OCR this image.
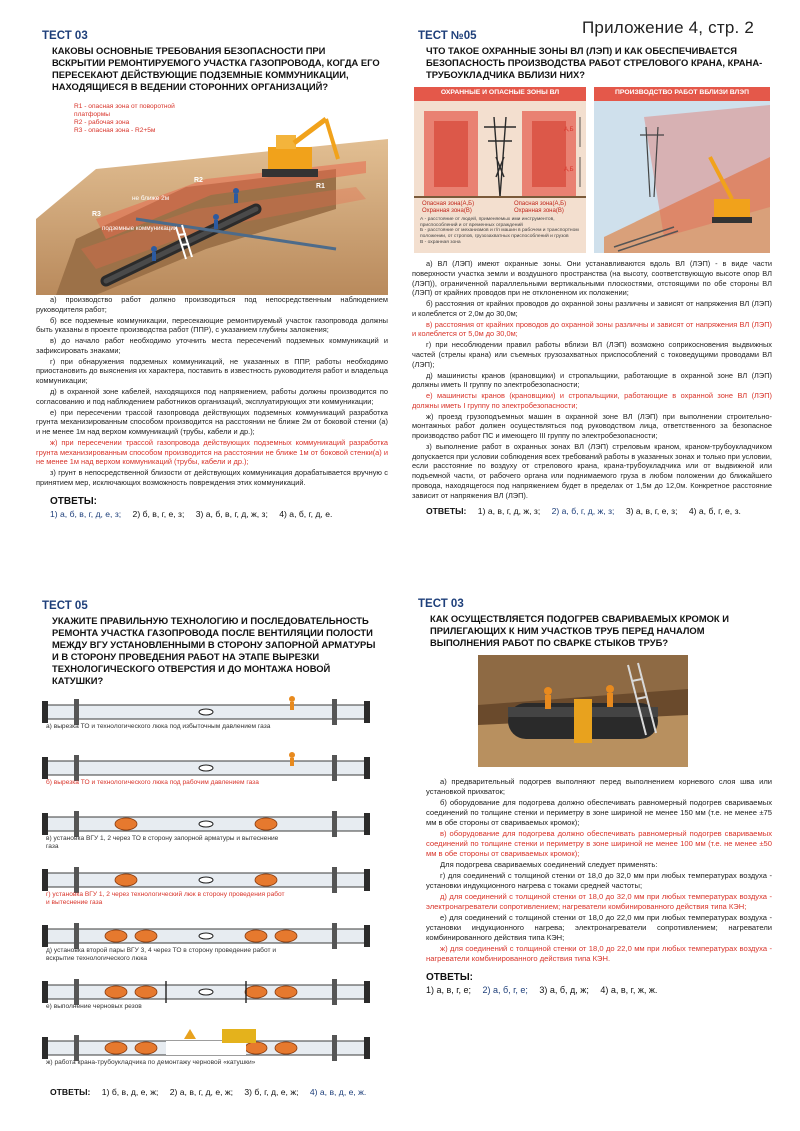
Приложение 4, стр. 2
ТЕСТ 03
КАКОВЫ ОСНОВНЫЕ ТРЕБОВАНИЯ БЕЗОПАСНОСТИ ПРИ ВСКРЫТИИ РЕМОНТИРУЕМОГО УЧАСТКА ГАЗОПРОВОДА, КОГДА ЕГО ПЕРЕСЕКАЮТ ДЕЙСТВУЮЩИЕ ПОДЗЕМНЫЕ КОММУНИКАЦИИ, НАХОДЯЩИЕСЯ В ВЕДЕНИИ СТОРОННИХ ОРГАНИЗАЦИЙ?
R1 - опасная зона от поворотной платформы
R2 - рабочая зона
R3 - опасная зона - R2+5м
R1
R2
R3
не ближе 2м
подземные коммуникации
а) производство работ должно производиться под непосредственным наблюдением руководителя работ;
б) все подземные коммуникации, пересекающие ремонтируемый участок газопровода должны быть указаны в проекте производства работ (ППР), с указанием глубины заложения;
в) до начало работ необходимо уточнить места пересечений подземных коммуникаций и зафиксировать знаками;
г) при обнаружения подземных коммуникаций, не указанных в ППР, работы необходимо приостановить до выяснения их характера, поставить в известность руководителя работ и владельца коммуникации;
д) в охранной зоне кабелей, находящихся под напряжением, работы должны производится по согласованию и под наблюдением работников организаций, эксплуатирующих эти коммуникации;
е) при пересечении трассой газопровода действующих подземных коммуникаций разработка грунта механизированным способом производится на расстоянии не ближе 2м от боковой стенки (а) и не менее 1м над верхом коммуникаций (трубы, кабели и др.);
ж) при пересечении трассой газопровода действующих подземных коммуникаций разработка грунта механизированным способом производится на расстоянии не ближе 1м от боковой стенки(а) и не менее 1м над верхом коммуникаций (трубы, кабели и др.);
з) грунт в непосредственной близости от действующих коммуникация дорабатывается вручную с принятием мер, исключающих возможность повреждения этих коммуникаций.
ОТВЕТЫ:
1) а, б, в, г, д, е, з; 2) б, в, г, е, з; 3) а, б, в, г, д, ж, з; 4) а, б, г, д, е.
ТЕСТ №05
ЧТО ТАКОЕ ОХРАННЫЕ ЗОНЫ ВЛ (ЛЭП) И КАК ОБЕСПЕЧИВАЕТСЯ БЕЗОПАСНОСТЬ ПРОИЗВОДСТВА РАБОТ СТРЕЛОВОГО КРАНА, КРАНА-ТРУБОУКЛАДЧИКА ВБЛИЗИ НИХ?
ОХРАННЫЕ И ОПАСНЫЕ ЗОНЫ ВЛ	ПРОИЗВОДСТВО РАБОТ ВБЛИЗИ ВЛЭП
А,Б
А,Б
Опасная зона(А,Б)	Опасная зона(А,Б)
Охранная зона(В)	Охранная зона(В)
А - расстояние от людей, применяемых ими инструментов, приспособлений и от временных ограждений
Б - расстояние от механизмов и г/п машин в рабочем и транспортном положении, от стропов, грузозахватных приспособлений и грузов
В - охранная зона
а) ВЛ (ЛЭП) имеют охранные зоны. Они устанавливаются вдоль ВЛ (ЛЭП) - в виде части поверхности участка земли и воздушного пространства (на высоту, соответствующую высоте опор ВЛ (ЛЭП)), ограниченной параллельными вертикальными плоскостями, отстоящими по обе стороны ВЛ (ЛЭП) от крайних проводов при не отклоненном их положении;
б) расстояния от крайних проводов до охранной зоны различны и зависят от напряжения ВЛ (ЛЭП) и колеблется от 2,0м до 30,0м;
в) расстояния от крайних проводов до охранной зоны различны и зависят от напряжения ВЛ (ЛЭП) и колеблется от 5,0м до 30,0м;
г) при несоблюдении правил работы вблизи ВЛ (ЛЭП) возможно соприкосновения выдвижных частей (стрелы крана) или съемных грузозахватных приспособлений с токоведущими проводами ВЛ (ЛЭП);
д) машинисты кранов (крановщики) и стропальщики, работающие в охранной зоне ВЛ (ЛЭП) должны иметь II группу по электробезопасности;
е) машинисты кранов (крановщики) и стропальщики, работающие в охранной зоне ВЛ (ЛЭП) должны иметь I группу по электробезопасности;
ж) проезд грузоподъемных машин в охранной зоне ВЛ (ЛЭП) при выполнении строительно-монтажных работ должен осуществляться под руководством лица, ответственного за безопасное производство работ ПС и имеющего III группу по электробезопасности;
з) выполнение работ в охранных зонах ВЛ (ЛЭП) стреловым краном, краном-трубоукладчиком допускается при условии соблюдения всех требований работы в указанных зонах и только при условии, если расстояние по воздуху от стрелового крана, крана-трубоукладчика или от выдвижной или подъемной части, от рабочего органа или поднимаемого груза в любом положении до ближайшего провода, находящегося под напряжением будет в пределах от 1,5м до 12,0м. Конкретное расстояние зависит от напряжения ВЛ (ЛЭП).
ОТВЕТЫ: 1) а, в, г, д, ж, з; 2) а, б, г, д, ж, з; 3) а, в, г, е, з; 4) а, б, г, е, з.
ТЕСТ 05
УКАЖИТЕ ПРАВИЛЬНУЮ ТЕХНОЛОГИЮ И ПОСЛЕДОВАТЕЛЬНОСТЬ РЕМОНТА УЧАСТКА ГАЗОПРОВОДА ПОСЛЕ ВЕНТИЛЯЦИИ ПОЛОСТИ МЕЖДУ ВГУ УСТАНОВЛЕННЫМИ В СТОРОНУ ЗАПОРНОЙ АРМАТУРЫ И В СТОРОНУ ПРОВЕДЕНИЯ РАБОТ НА ЭТАПЕ ВЫРЕЗКИ ТЕХНОЛОГИЧЕСКОГО ОТВЕРСТИЯ И ДО МОНТАЖА НОВОЙ КАТУШКИ?
а) вырезка ТО и технологического люка под избыточным давлением газа
б) вырезка ТО и технологического люка под рабочим давлением газа
в) установка ВГУ 1, 2 через ТО в сторону запорной арматуры и вытеснение газа
г) установка ВГУ 1, 2 через технологический люк в сторону проведения работ и вытеснение газа
д) установка второй пары ВГУ 3, 4 через ТО в сторону проведение работ и вскрытие технологического люка
е) выполнение черновых резов
ж) работа крана-трубоукладчика по демонтажу черновой «катушки»
ОТВЕТЫ: 1) б, в, д, е, ж; 2) а, в, г, д, е, ж; 3) б, г, д, е, ж; 4) а, в, д, е, ж.
ТЕСТ 03
КАК ОСУЩЕСТВЛЯЕТСЯ ПОДОГРЕВ СВАРИВАЕМЫХ КРОМОК И ПРИЛЕГАЮЩИХ К НИМ УЧАСТКОВ ТРУБ ПЕРЕД НАЧАЛОМ ВЫПОЛНЕНИЯ РАБОТ ПО СВАРКЕ СТЫКОВ ТРУБ?
а) предварительный подогрев выполняют перед выполнением корневого слоя шва или установкой прихваток;
б) оборудование для подогрева должно обеспечивать равномерный подогрев свариваемых соединений по толщине стенки и периметру в зоне шириной не менее 150 мм (т.е. не менее ±75 мм в обе стороны от свариваемых кромок);
в) оборудование для подогрева должно обеспечивать равномерный подогрев свариваемых соединений по толщине стенки и периметру в зоне шириной не менее 100 мм (т.е. не менее ±50 мм в обе стороны от свариваемых кромок);
Для подогрева свариваемых соединений следует применять:
г) для соединений с толщиной стенки от 18,0 до 32,0 мм при любых температурах воздуха - установки индукционного нагрева с токами средней частоты;
д) для соединений с толщиной стенки от 18,0 до 32,0 мм при любых температурах воздуха - электронагреватели сопротивлением; нагреватели комбинированного действия типа КЭН;
е) для соединений с толщиной стенки от 18,0 до 22,0 мм при любых температурах воздуха - установки индукционного нагрева; электронагреватели сопротивлением; нагреватели комбинированного действия типа КЭН;
ж) для соединений с толщиной стенки от 18,0 до 22,0 мм при любых температурах воздуха - нагреватели комбинированного действия типа КЭН.
ОТВЕТЫ:
1) а, в, г, е; 2) а, б, г, е; 3) а, б, д, ж; 4) а, в, г, ж, ж.
